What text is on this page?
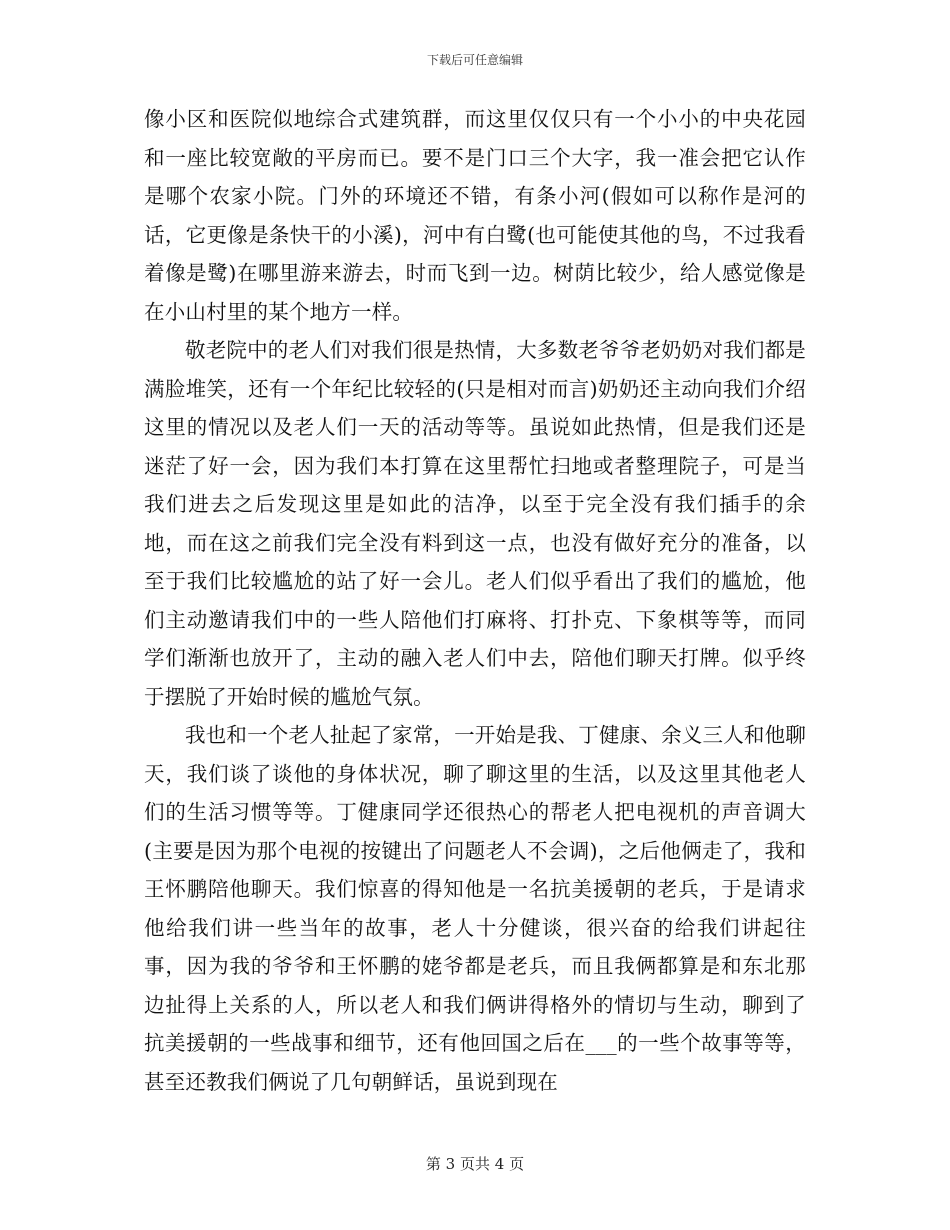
下载后可任意编辑

像小区和医院似地综合式建筑群，而这里仅仅只有一个小小的中央花园和一座比较宽敞的平房而已。要不是门口三个大字，我一准会把它认作是哪个农家小院。门外的环境还不错，有条小河(假如可以称作是河的话，它更像是条快干的小溪)，河中有白鹭(也可能使其他的鸟，不过我看着像是鹭)在哪里游来游去，时而飞到一边。树荫比较少，给人感觉像是在小山村里的某个地方一样。

敬老院中的老人们对我们很是热情，大多数老爷爷老奶奶对我们都是满脸堆笑，还有一个年纪比较轻的(只是相对而言)奶奶还主动向我们介绍这里的情况以及老人们一天的活动等等。虽说如此热情，但是我们还是迷茫了好一会，因为我们本打算在这里帮忙扫地或者整理院子，可是当我们进去之后发现这里是如此的洁净，以至于完全没有我们插手的余地，而在这之前我们完全没有料到这一点，也没有做好充分的准备，以至于我们比较尴尬的站了好一会儿。老人们似乎看出了我们的尴尬，他们主动邀请我们中的一些人陪他们打麻将、打扑克、下象棋等等，而同学们渐渐也放开了，主动的融入老人们中去，陪他们聊天打牌。似乎终于摆脱了开始时候的尴尬气氛。

我也和一个老人扯起了家常，一开始是我、丁健康、余义三人和他聊天，我们谈了谈他的身体状况，聊了聊这里的生活，以及这里其他老人们的生活习惯等等。丁健康同学还很热心的帮老人把电视机的声音调大(主要是因为那个电视的按键出了问题老人不会调)，之后他俩走了，我和王怀鹏陪他聊天。我们惊喜的得知他是一名抗美援朝的老兵，于是请求他给我们讲一些当年的故事，老人十分健谈，很兴奋的给我们讲起往事，因为我的爷爷和王怀鹏的姥爷都是老兵，而且我俩都算是和东北那边扯得上关系的人，所以老人和我们俩讲得格外的情切与生动，聊到了抗美援朝的一些战事和细节，还有他回国之后在___的一些个故事等等，甚至还教我们俩说了几句朝鲜话，虽说到现在

第 3 页共 4 页
